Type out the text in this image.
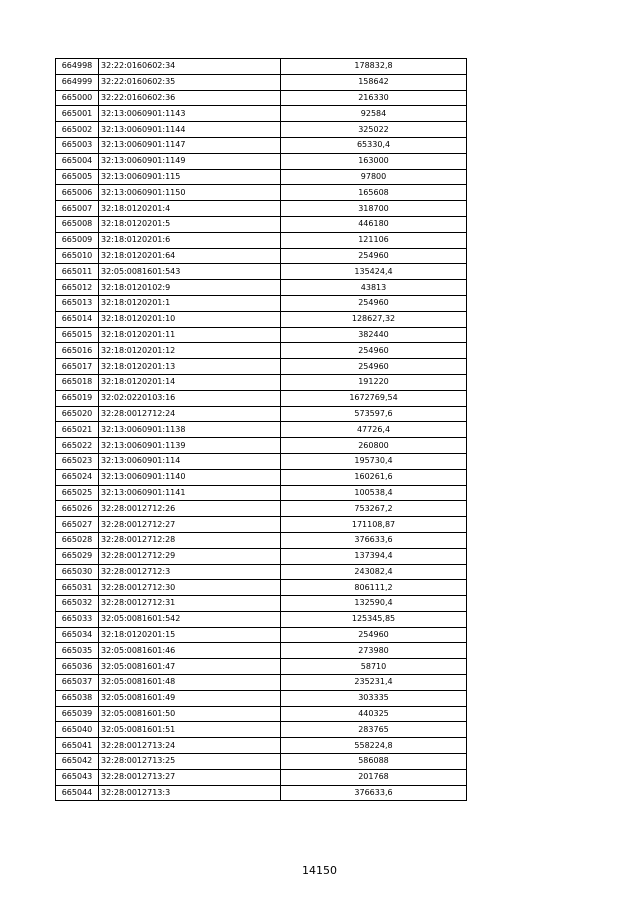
664998	32:22:0160602:34	178832,8
664999	32:22:0160602:35	158642
665000	32:22:0160602:36	216330
665001	32:13:0060901:1143	92584
665002	32:13:0060901:1144	325022
665003	32:13:0060901:1147	65330,4
665004	32:13:0060901:1149	163000
665005	32:13:0060901:115	97800
665006	32:13:0060901:1150	165608
665007	32:18:0120201:4	318700
665008	32:18:0120201:5	446180
665009	32:18:0120201:6	121106
665010	32:18:0120201:64	254960
665011	32:05:0081601:543	135424,4
665012	32:18:0120102:9	43813
665013	32:18:0120201:1	254960
665014	32:18:0120201:10	128627,32
665015	32:18:0120201:11	382440
665016	32:18:0120201:12	254960
665017	32:18:0120201:13	254960
665018	32:18:0120201:14	191220
665019	32:02:0220103:16	1672769,54
665020	32:28:0012712:24	573597,6
665021	32:13:0060901:1138	47726,4
665022	32:13:0060901:1139	260800
665023	32:13:0060901:114	195730,4
665024	32:13:0060901:1140	160261,6
665025	32:13:0060901:1141	100538,4
665026	32:28:0012712:26	753267,2
665027	32:28:0012712:27	171108,87
665028	32:28:0012712:28	376633,6
665029	32:28:0012712:29	137394,4
665030	32:28:0012712:3	243082,4
665031	32:28:0012712:30	806111,2
665032	32:28:0012712:31	132590,4
665033	32:05:0081601:542	125345,85
665034	32:18:0120201:15	254960
665035	32:05:0081601:46	273980
665036	32:05:0081601:47	58710
665037	32:05:0081601:48	235231,4
665038	32:05:0081601:49	303335
665039	32:05:0081601:50	440325
665040	32:05:0081601:51	283765
665041	32:28:0012713:24	558224,8
665042	32:28:0012713:25	586088
665043	32:28:0012713:27	201768
665044	32:28:0012713:3	376633,6
14150
